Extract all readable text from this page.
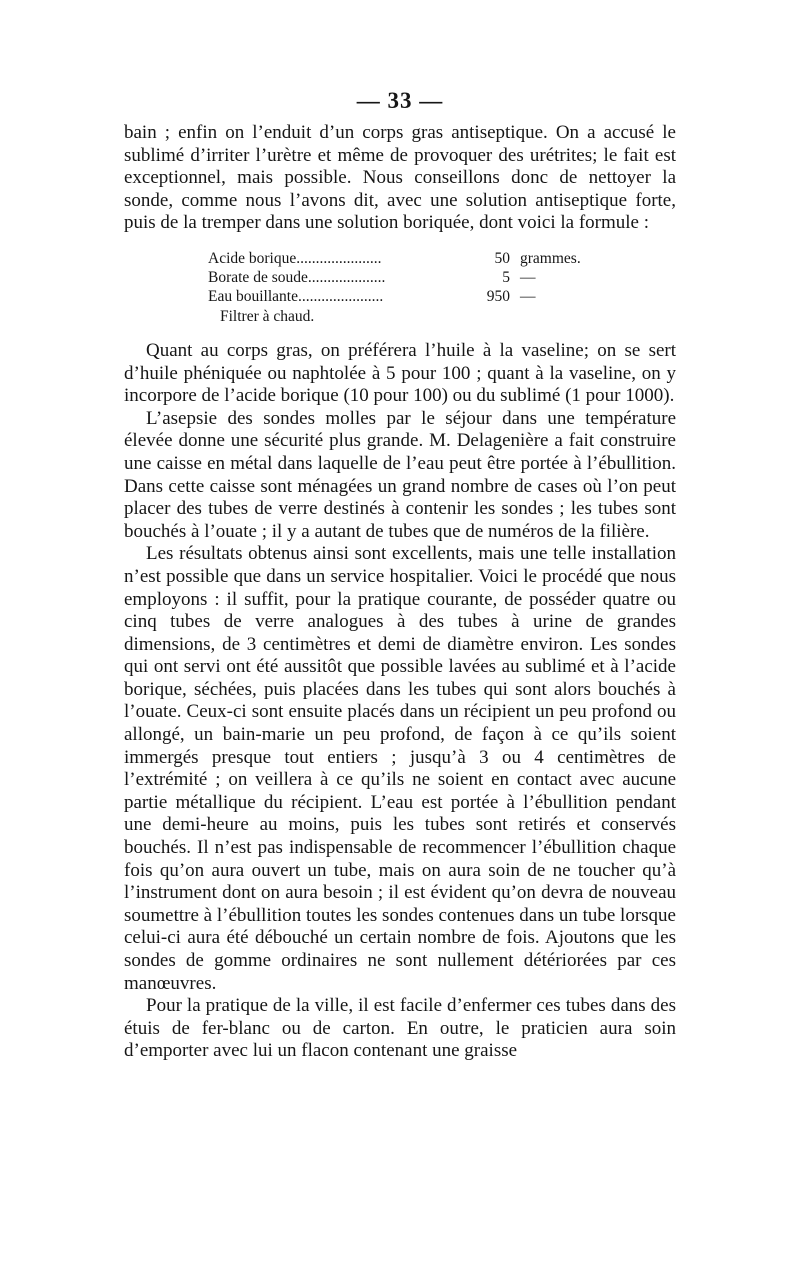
— 33 —

bain ; enfin on l’enduit d’un corps gras antiseptique. On a accusé le sublimé d’irriter l’urètre et même de provoquer des urétrites; le fait est exceptionnel, mais possible. Nous conseillons donc de nettoyer la sonde, comme nous l’avons dit, avec une solution antiseptique forte, puis de la tremper dans une solution boriquée, dont voici la formule :

Acide borique......................	50 grammes.
Borate de soude....................	5 —
Eau bouillante......................	950 —
Filtrer à chaud.

Quant au corps gras, on préférera l’huile à la vaseline; on se sert d’huile phéniquée ou naphtolée à 5 pour 100 ; quant à la vaseline, on y incorpore de l’acide borique (10 pour 100) ou du sublimé (1 pour 1000).

L’asepsie des sondes molles par le séjour dans une température élevée donne une sécurité plus grande. M. Delagenière a fait construire une caisse en métal dans laquelle de l’eau peut être portée à l’ébullition. Dans cette caisse sont ménagées un grand nombre de cases où l’on peut placer des tubes de verre destinés à contenir les sondes ; les tubes sont bouchés à l’ouate ; il y a autant de tubes que de numéros de la filière.

Les résultats obtenus ainsi sont excellents, mais une telle installation n’est possible que dans un service hospitalier. Voici le procédé que nous employons : il suffit, pour la pratique courante, de posséder quatre ou cinq tubes de verre analogues à des tubes à urine de grandes dimensions, de 3 centimètres et demi de diamètre environ. Les sondes qui ont servi ont été aussitôt que possible lavées au sublimé et à l’acide borique, séchées, puis placées dans les tubes qui sont alors bouchés à l’ouate. Ceux-ci sont ensuite placés dans un récipient un peu profond ou allongé, un bain-marie un peu profond, de façon à ce qu’ils soient immergés presque tout entiers ; jusqu’à 3 ou 4 centimètres de l’extrémité ; on veillera à ce qu’ils ne soient en contact avec aucune partie métallique du récipient. L’eau est portée à l’ébullition pendant une demi-heure au moins, puis les tubes sont retirés et conservés bouchés. Il n’est pas indispensable de recommencer l’ébullition chaque fois qu’on aura ouvert un tube, mais on aura soin de ne toucher qu’à l’instrument dont on aura besoin ; il est évident qu’on devra de nouveau soumettre à l’ébullition toutes les sondes contenues dans un tube lorsque celui-ci aura été débouché un certain nombre de fois. Ajoutons que les sondes de gomme ordinaires ne sont nullement détériorées par ces manœuvres.

Pour la pratique de la ville, il est facile d’enfermer ces tubes dans des étuis de fer-blanc ou de carton. En outre, le praticien aura soin d’emporter avec lui un flacon contenant une graisse
